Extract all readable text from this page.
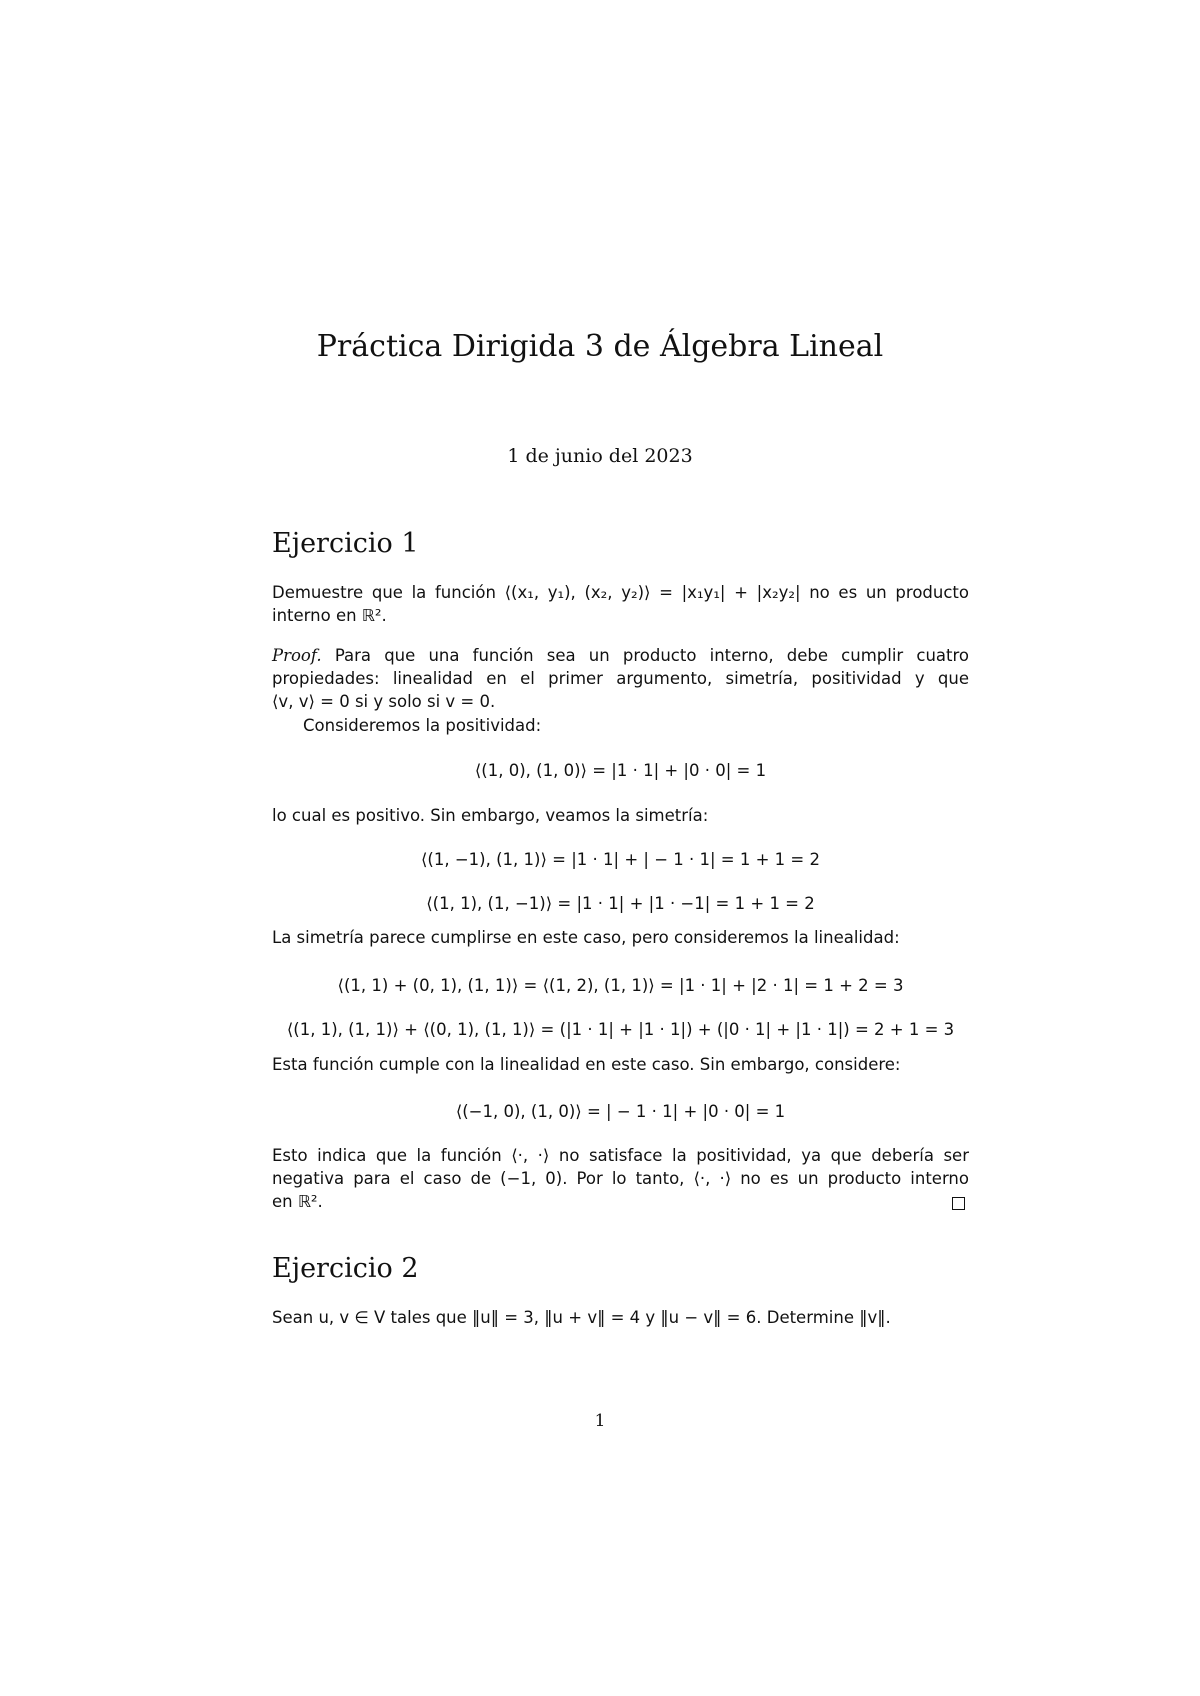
Práctica Dirigida 3 de Álgebra Lineal
1 de junio del 2023
Ejercicio 1
Demuestre que la función ⟨(x₁, y₁), (x₂, y₂)⟩ = |x₁y₁| + |x₂y₂| no es un producto
interno en ℝ².
Proof. Para que una función sea un producto interno, debe cumplir cuatro
propiedades: linealidad en el primer argumento, simetría, positividad y que
⟨v, v⟩ = 0 si y solo si v = 0.
Consideremos la positividad:
⟨(1, 0), (1, 0)⟩ = |1 · 1| + |0 · 0| = 1
lo cual es positivo. Sin embargo, veamos la simetría:
⟨(1, −1), (1, 1)⟩ = |1 · 1| + | − 1 · 1| = 1 + 1 = 2
⟨(1, 1), (1, −1)⟩ = |1 · 1| + |1 · −1| = 1 + 1 = 2
La simetría parece cumplirse en este caso, pero consideremos la linealidad:
⟨(1, 1) + (0, 1), (1, 1)⟩ = ⟨(1, 2), (1, 1)⟩ = |1 · 1| + |2 · 1| = 1 + 2 = 3
⟨(1, 1), (1, 1)⟩ + ⟨(0, 1), (1, 1)⟩ = (|1 · 1| + |1 · 1|) + (|0 · 1| + |1 · 1|) = 2 + 1 = 3
Esta función cumple con la linealidad en este caso. Sin embargo, considere:
⟨(−1, 0), (1, 0)⟩ = | − 1 · 1| + |0 · 0| = 1
Esto indica que la función ⟨·, ·⟩ no satisface la positividad, ya que debería ser
negativa para el caso de (−1, 0). Por lo tanto, ⟨·, ·⟩ no es un producto interno
en ℝ².
Ejercicio 2
Sean u, v ∈ V tales que ‖u‖ = 3, ‖u + v‖ = 4 y ‖u − v‖ = 6. Determine ‖v‖.
1
